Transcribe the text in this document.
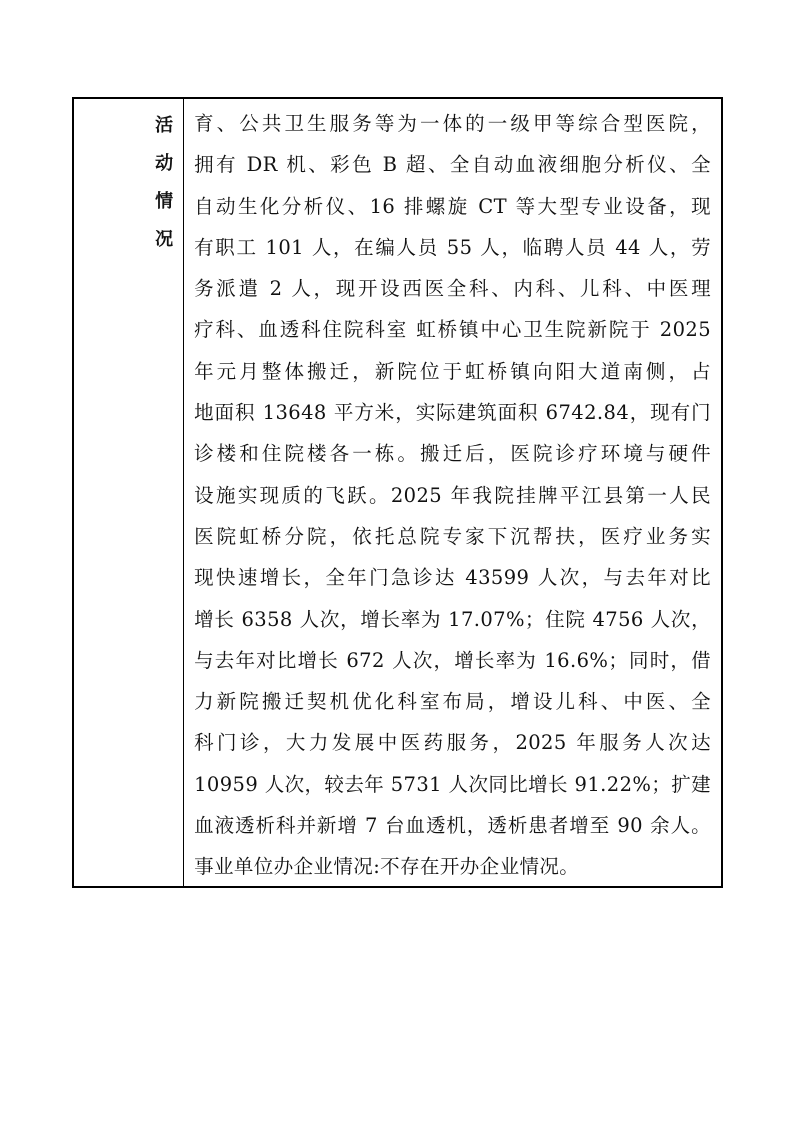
活动情况	育、公共卫生服务等为一体的一级甲等综合型医院，
拥有 DR 机、彩色 B 超、全自动血液细胞分析仪、全
自动生化分析仪、16 排螺旋 CT 等大型专业设备，现
有职工 101 人，在编人员 55 人，临聘人员 44 人，劳
务派遣 2 人，现开设西医全科、内科、儿科、中医理
疗科、血透科住院科室 虹桥镇中心卫生院新院于 2025
年元月整体搬迁，新院位于虹桥镇向阳大道南侧，占
地面积 13648 平方米，实际建筑面积 6742.84，现有门
诊楼和住院楼各一栋。搬迁后，医院诊疗环境与硬件
设施实现质的飞跃。2025 年我院挂牌平江县第一人民
医院虹桥分院，依托总院专家下沉帮扶，医疗业务实
现快速增长，全年门急诊达 43599 人次，与去年对比
增长 6358 人次，增长率为 17.07%；住院 4756 人次，
与去年对比增长 672 人次，增长率为 16.6%；同时，借
力新院搬迁契机优化科室布局，增设儿科、中医、全
科门诊，大力发展中医药服务，2025 年服务人次达
10959 人次，较去年 5731 人次同比增长 91.22%；扩建
血液透析科并新增 7 台血透机，透析患者增至 90 余人。
事业单位办企业情况:不存在开办企业情况。
